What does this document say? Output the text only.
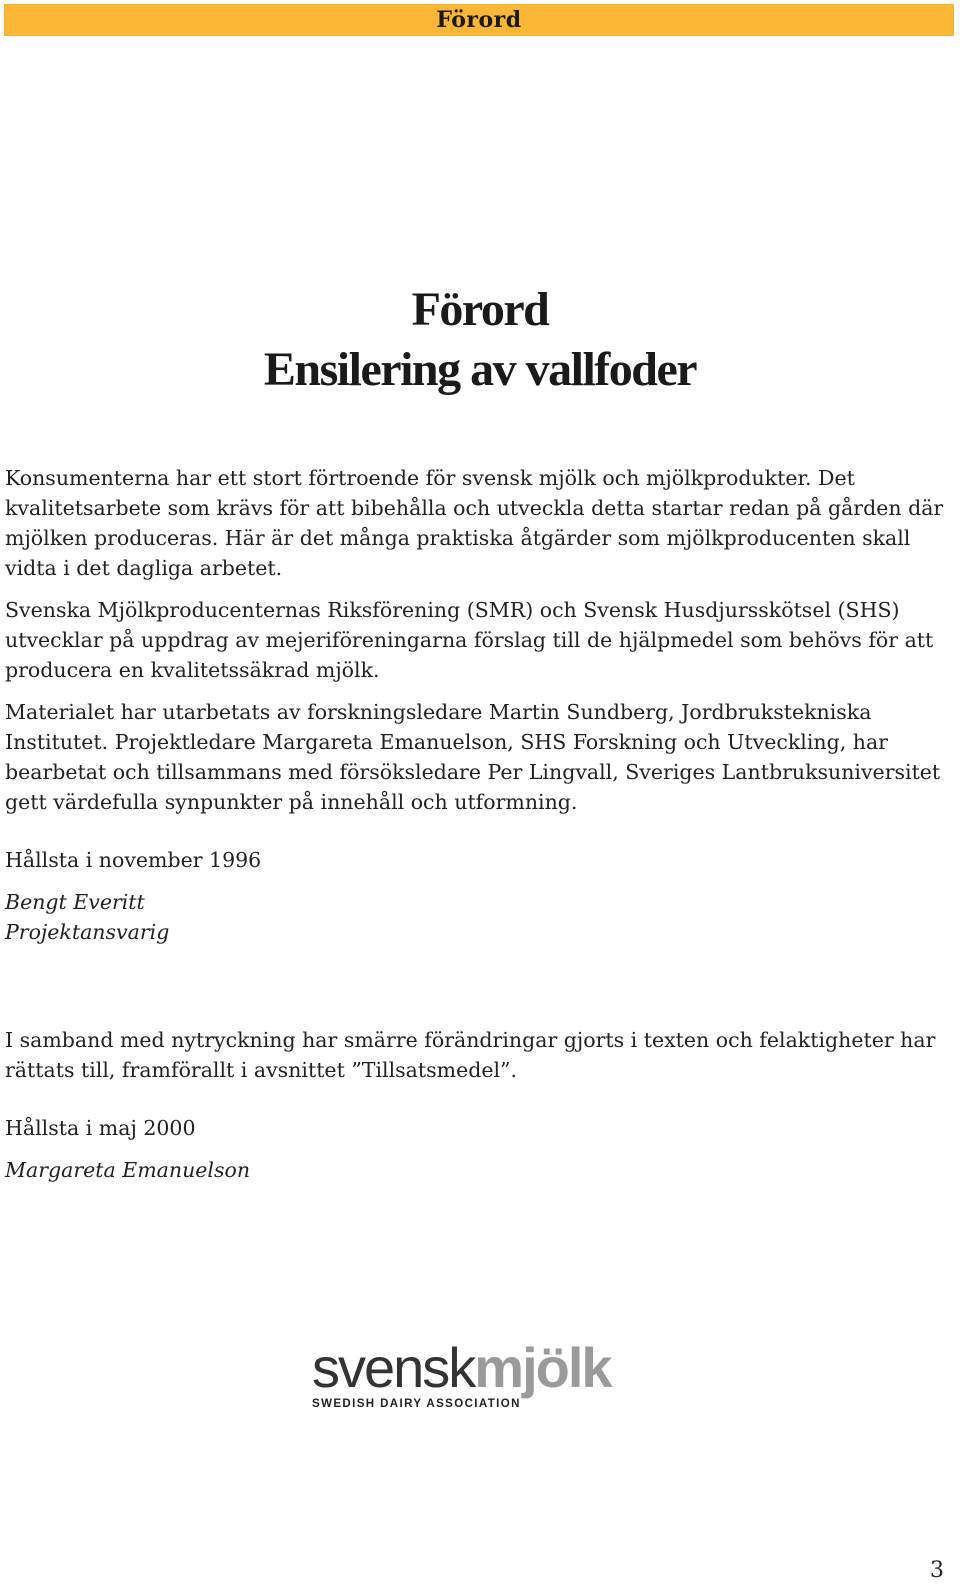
Förord
Förord
Ensilering av vallfoder

Konsumenterna har ett stort förtroende för svensk mjölk och mjölkprodukter. Det kvalitetsarbete som krävs för att bibehålla och utveckla detta startar redan på gården där mjölken produceras. Här är det många praktiska åtgärder som mjölkproducenten skall vidta i det dagliga arbetet.

Svenska Mjölkproducenternas Riksförening (SMR) och Svensk Husdjursskötsel (SHS) utvecklar på uppdrag av mejeriföreningarna förslag till de hjälpmedel som behövs för att producera en kvalitetssäkrad mjölk.

Materialet har utarbetats av forskningsledare Martin Sundberg, Jordbrukstekniska Institutet. Projektledare Margareta Emanuelson, SHS Forskning och Utveckling, har bearbetat och tillsammans med försöksledare Per Lingvall, Sveriges Lantbruksuniversitet gett värdefulla synpunkter på innehåll och utformning.

Hållsta i november 1996

Bengt Everitt

Projektansvarig

I samband med nytryckning har smärre förändringar gjorts i texten och felaktigheter har rättats till, framförallt i avsnittet ”Tillsatsmedel”.

Hållsta i maj 2000

Margareta Emanuelson

svenskmjölk
SWEDISH DAIRY ASSOCIATION
3
